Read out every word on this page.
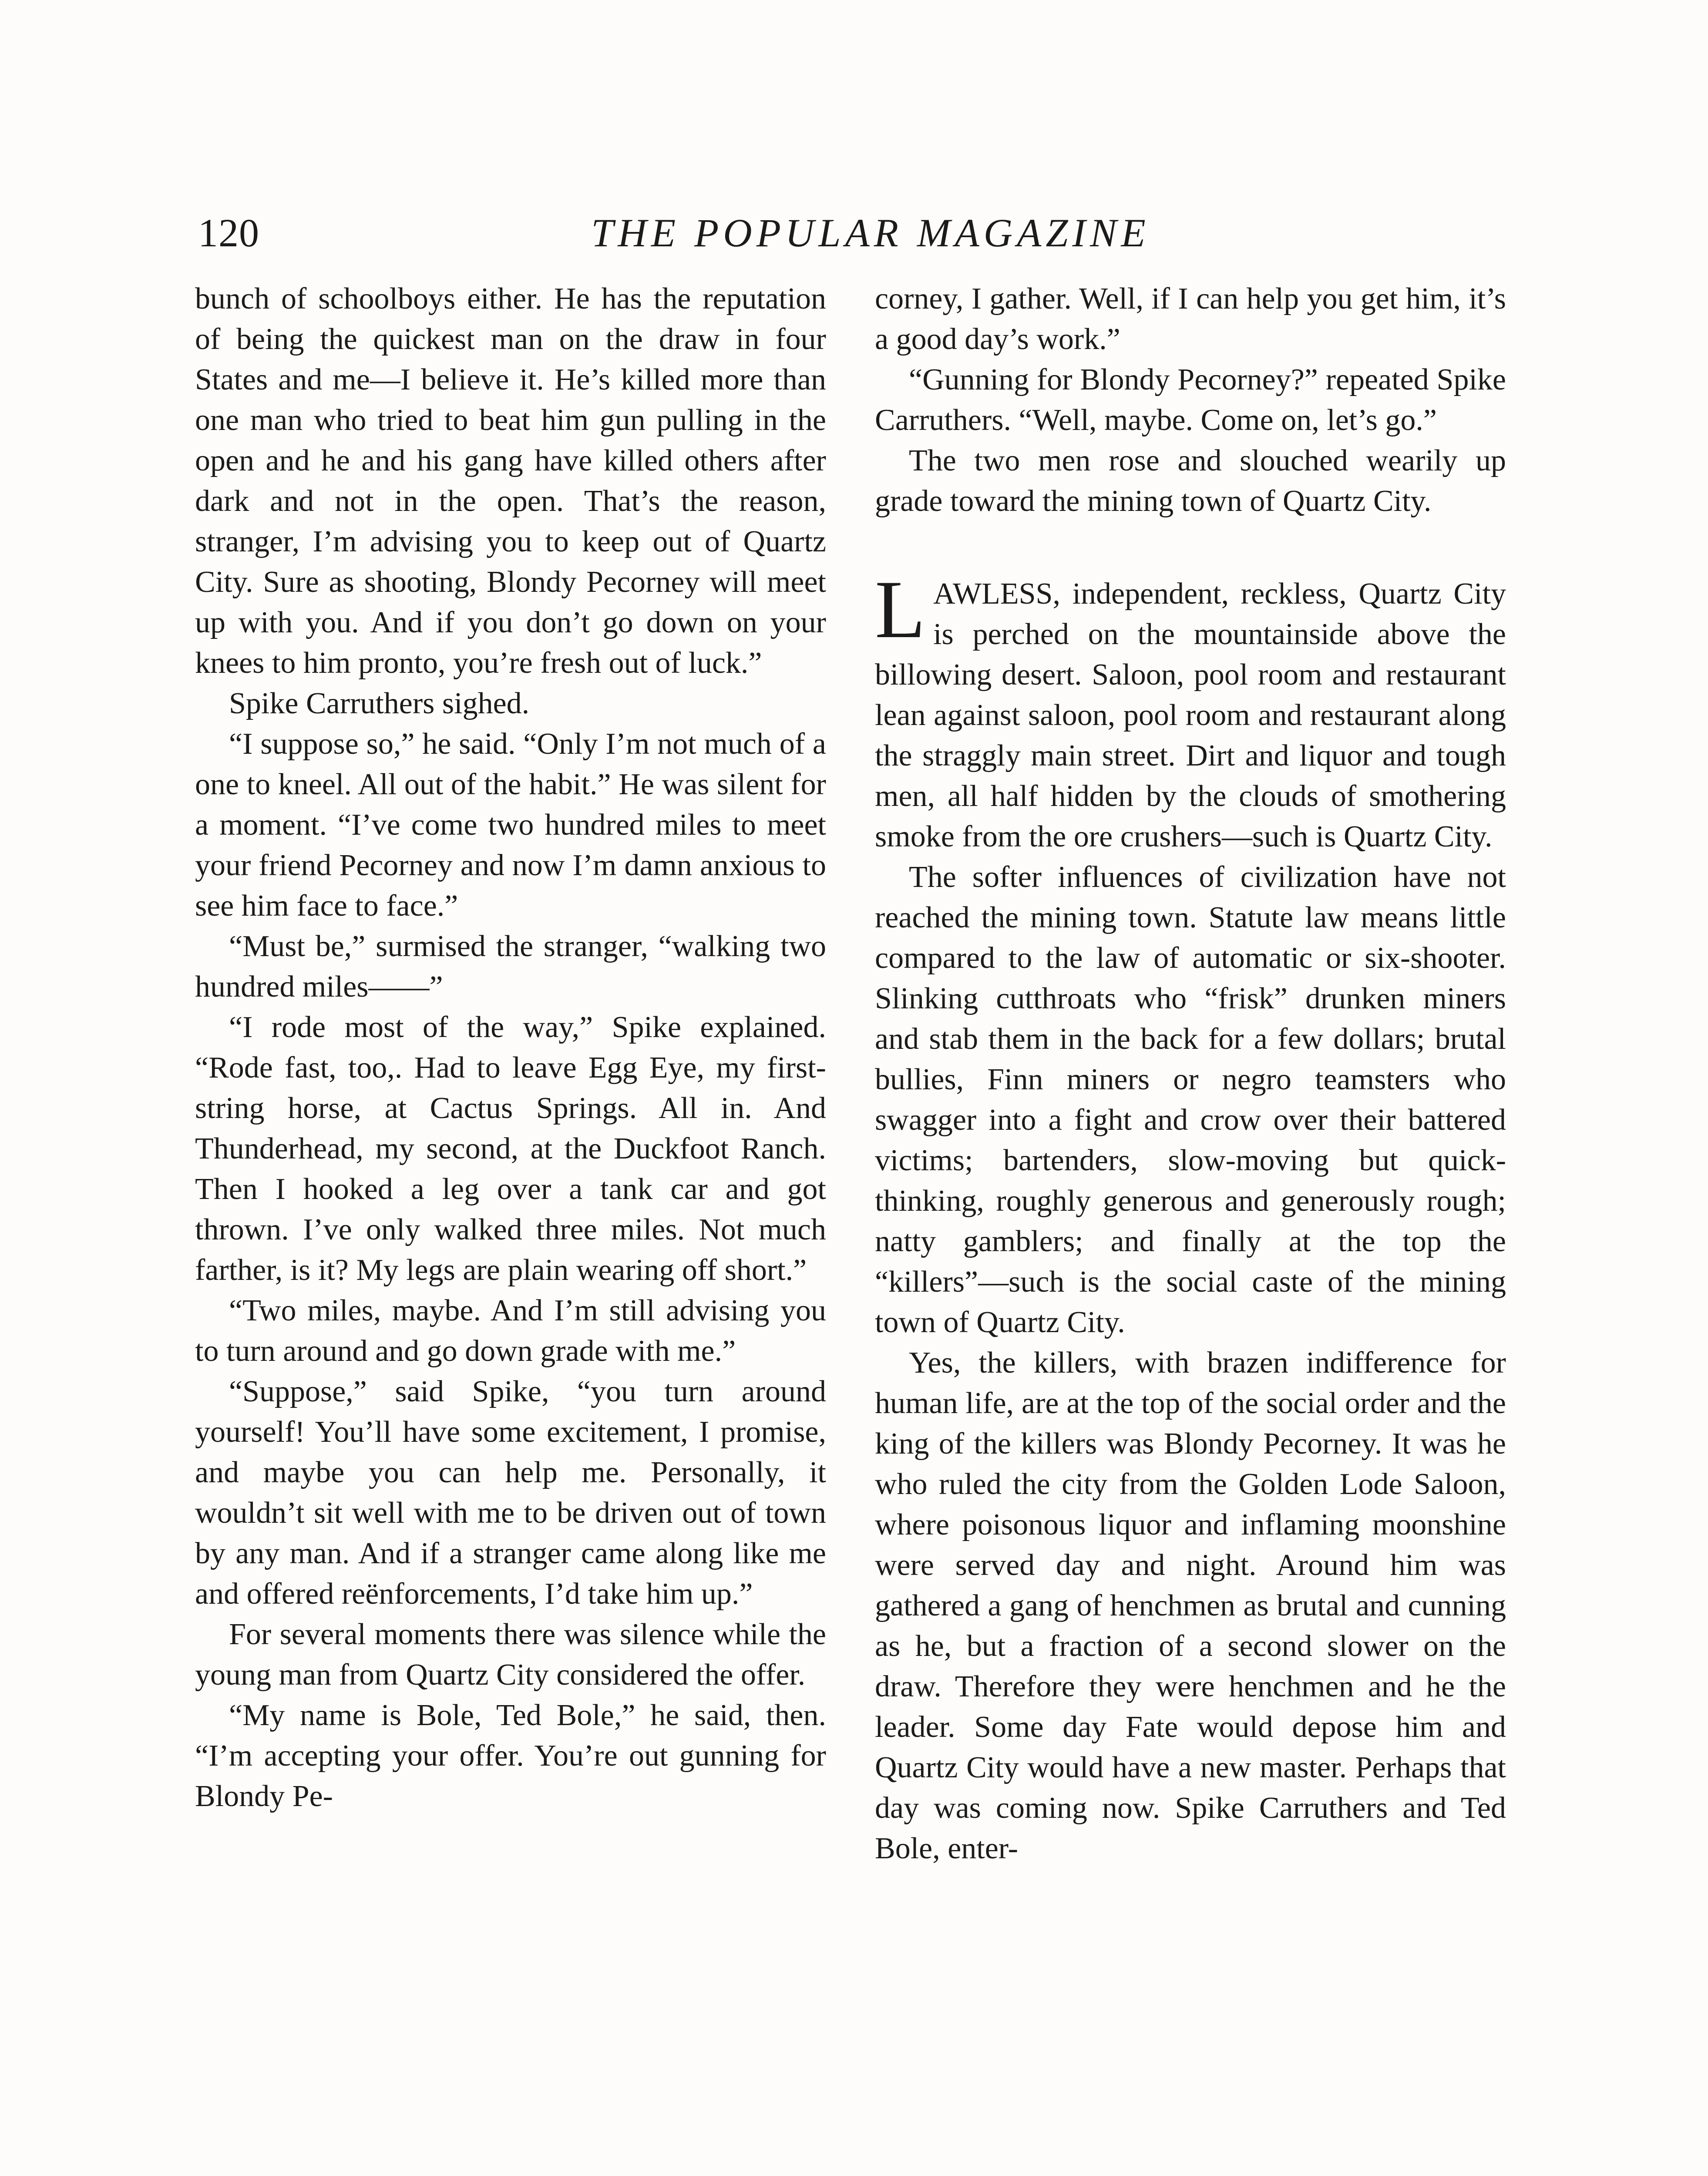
120	THE POPULAR MAGAZINE

bunch of schoolboys either. He has the reputation of being the quickest man on the draw in four States and me—I believe it. He’s killed more than one man who tried to beat him gun pulling in the open and he and his gang have killed others after dark and not in the open. That’s the reason, stranger, I’m advising you to keep out of Quartz City. Sure as shooting, Blondy Pecorney will meet up with you. And if you don’t go down on your knees to him pronto, you’re fresh out of luck.”

Spike Carruthers sighed.

“I suppose so,” he said. “Only I’m not much of a one to kneel. All out of the habit.” He was silent for a moment. “I’ve come two hundred miles to meet your friend Pecorney and now I’m damn anxious to see him face to face.”

“Must be,” surmised the stranger, “walking two hundred miles——”

“I rode most of the way,” Spike explained. “Rode fast, too,. Had to leave Egg Eye, my first-string horse, at Cactus Springs. All in. And Thunderhead, my second, at the Duckfoot Ranch. Then I hooked a leg over a tank car and got thrown. I’ve only walked three miles. Not much farther, is it? My legs are plain wearing off short.”

“Two miles, maybe. And I’m still advising you to turn around and go down grade with me.”

“Suppose,” said Spike, “you turn around yourself! You’ll have some excitement, I promise, and maybe you can help me. Personally, it wouldn’t sit well with me to be driven out of town by any man. And if a stranger came along like me and offered reënforcements, I’d take him up.”

For several moments there was silence while the young man from Quartz City considered the offer.

“My name is Bole, Ted Bole,” he said, then. “I’m accepting your offer. You’re out gunning for Blondy Pe-

corney, I gather. Well, if I can help you get him, it’s a good day’s work.”

“Gunning for Blondy Pecorney?” repeated Spike Carruthers. “Well, maybe. Come on, let’s go.”

The two men rose and slouched wearily up grade toward the mining town of Quartz City.

LAWLESS, independent, reckless, Quartz City is perched on the mountainside above the billowing desert. Saloon, pool room and restaurant lean against saloon, pool room and restaurant along the straggly main street. Dirt and liquor and tough men, all half hidden by the clouds of smothering smoke from the ore crushers—such is Quartz City.

The softer influences of civilization have not reached the mining town. Statute law means little compared to the law of automatic or six-shooter. Slinking cutthroats who “frisk” drunken miners and stab them in the back for a few dollars; brutal bullies, Finn miners or negro teamsters who swagger into a fight and crow over their battered victims; bartenders, slow-moving but quick-thinking, roughly generous and generously rough; natty gamblers; and finally at the top the “killers”—such is the social caste of the mining town of Quartz City.

Yes, the killers, with brazen indifference for human life, are at the top of the social order and the king of the killers was Blondy Pecorney. It was he who ruled the city from the Golden Lode Saloon, where poisonous liquor and inflaming moonshine were served day and night. Around him was gathered a gang of henchmen as brutal and cunning as he, but a fraction of a second slower on the draw. Therefore they were henchmen and he the leader. Some day Fate would depose him and Quartz City would have a new master. Perhaps that day was coming now. Spike Carruthers and Ted Bole, enter-
